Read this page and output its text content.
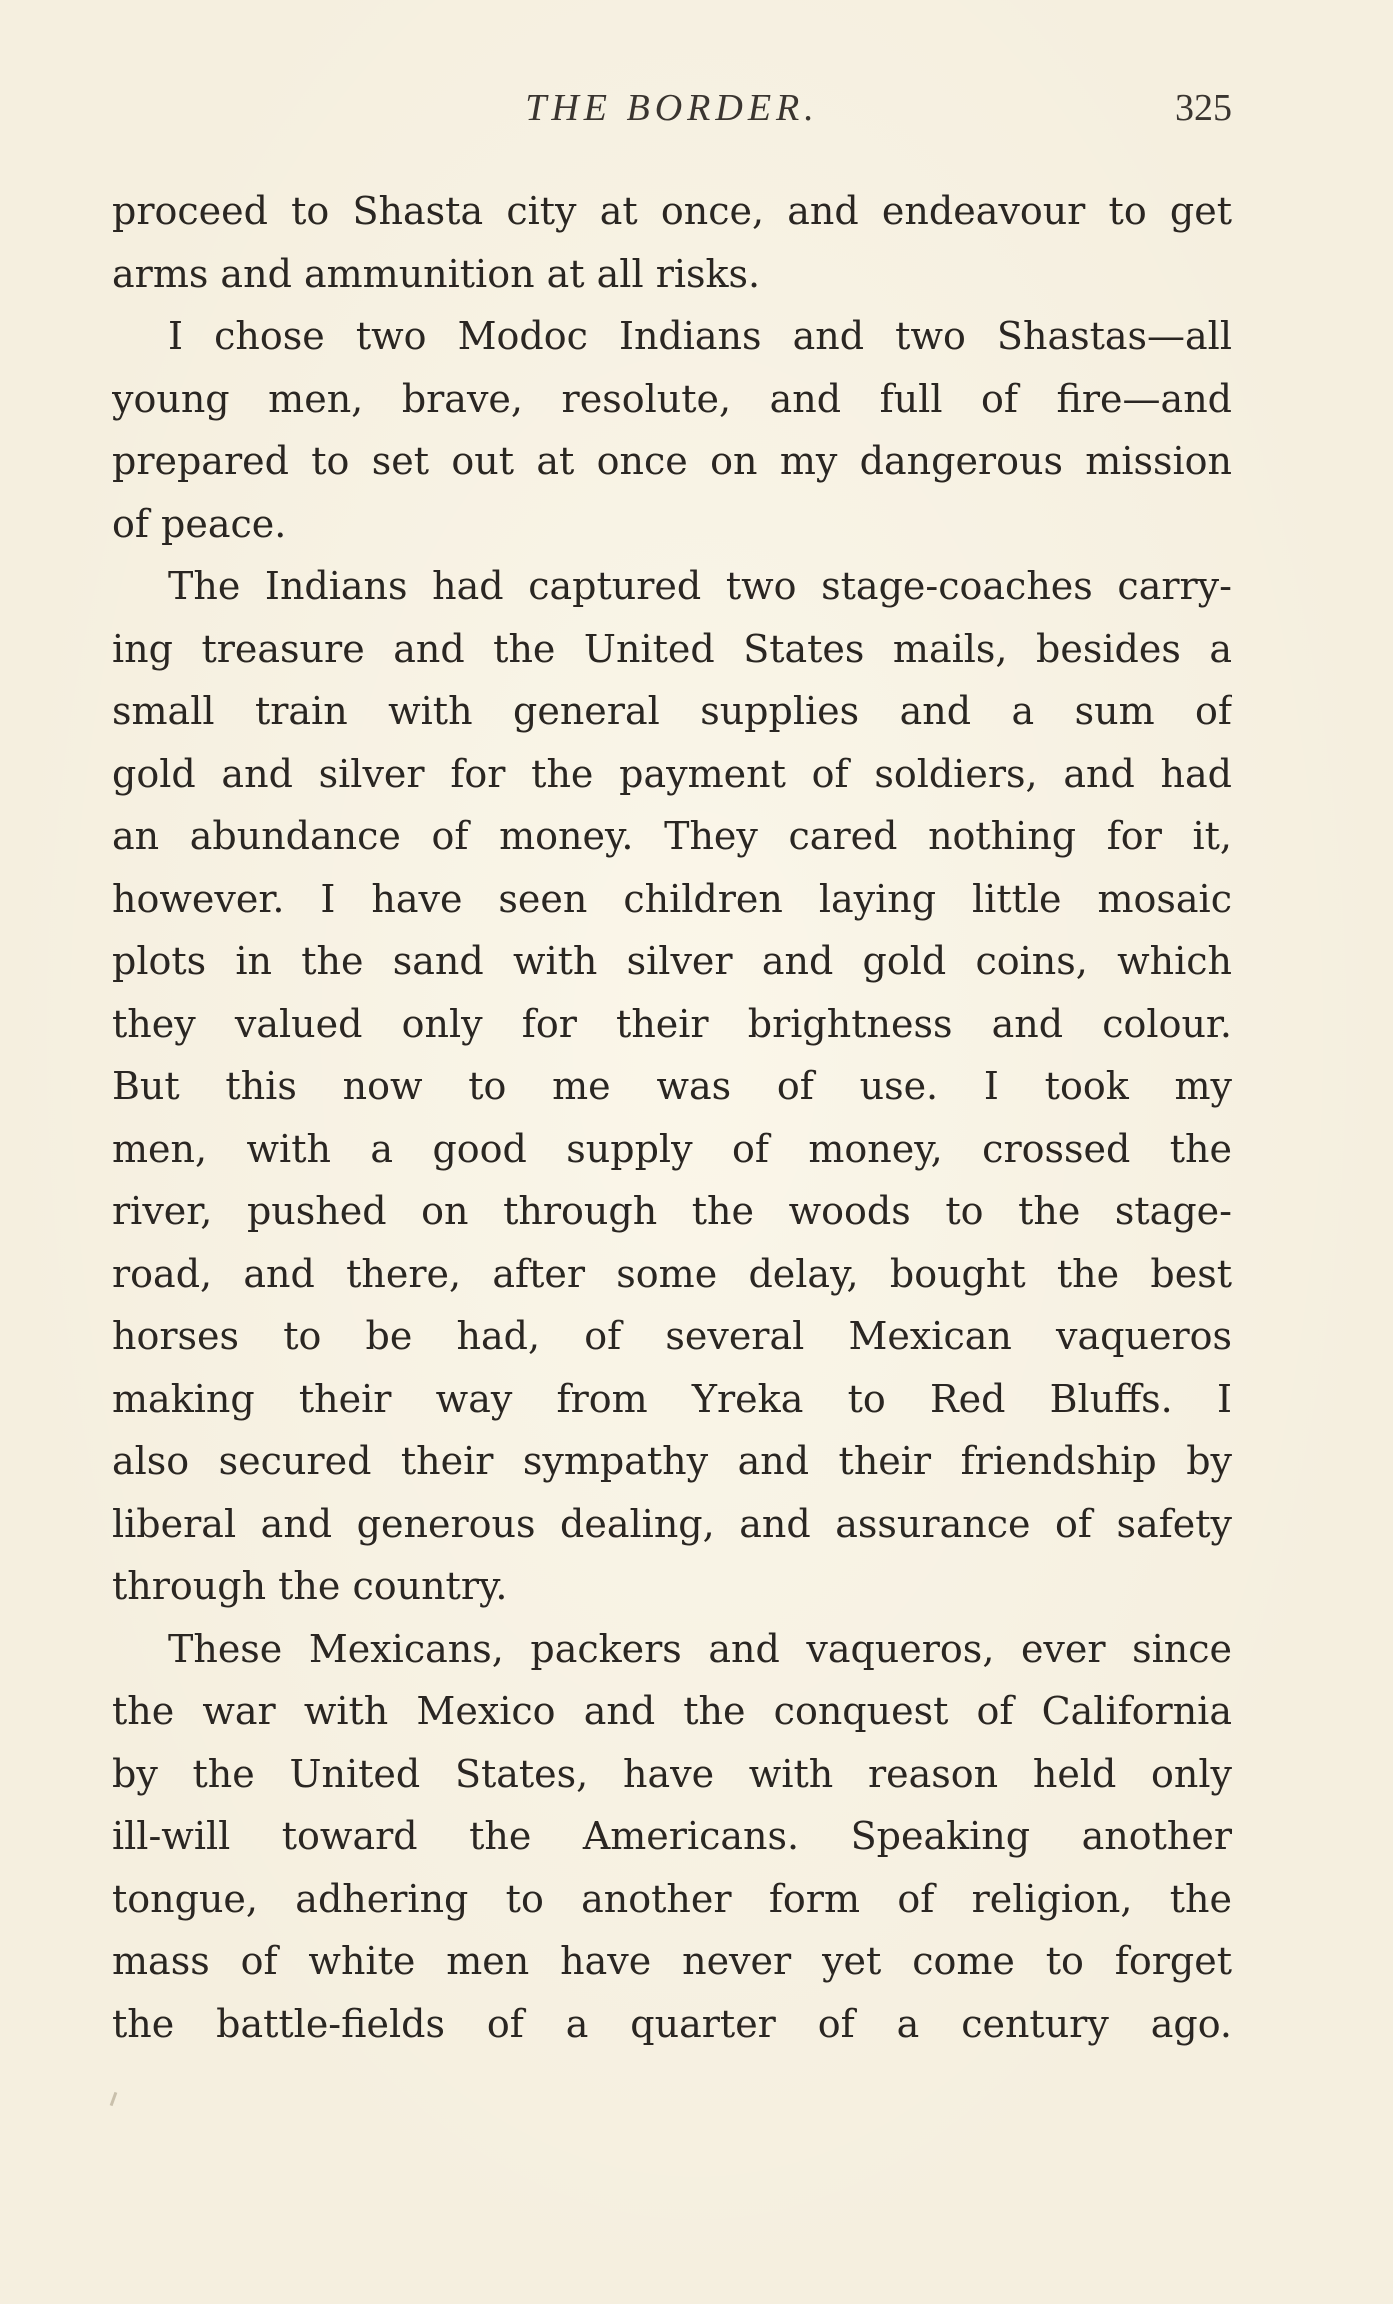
THE BORDER.	325
proceed to Shasta city at once, and endeavour to get
arms and ammunition at all risks.
I chose two Modoc Indians and two Shastas—all
young men, brave, resolute, and full of fire—and
prepared to set out at once on my dangerous mission
of peace.
The Indians had captured two stage-coaches carry-
ing treasure and the United States mails, besides a
small train with general supplies and a sum of
gold and silver for the payment of soldiers, and had
an abundance of money. They cared nothing for it,
however. I have seen children laying little mosaic
plots in the sand with silver and gold coins, which
they valued only for their brightness and colour.
But this now to me was of use. I took my
men, with a good supply of money, crossed the
river, pushed on through the woods to the stage-
road, and there, after some delay, bought the best
horses to be had, of several Mexican vaqueros
making their way from Yreka to Red Bluffs. I
also secured their sympathy and their friendship by
liberal and generous dealing, and assurance of safety
through the country.
These Mexicans, packers and vaqueros, ever since
the war with Mexico and the conquest of California
by the United States, have with reason held only
ill-will toward the Americans. Speaking another
tongue, adhering to another form of religion, the
mass of white men have never yet come to forget
the battle-fields of a quarter of a century ago.
